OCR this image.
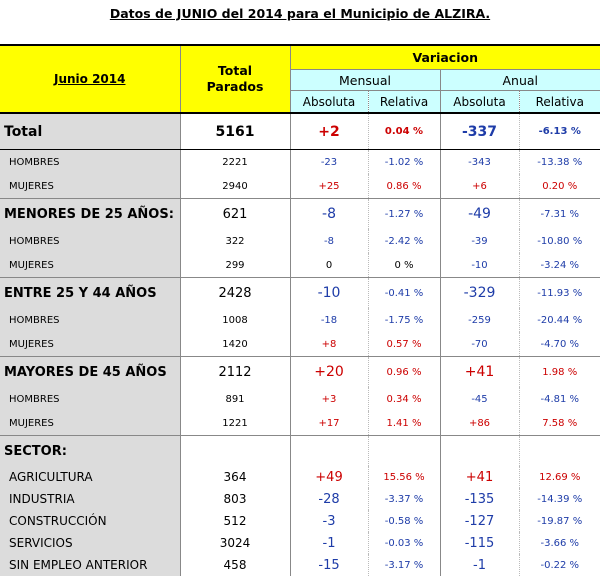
Datos de JUNIO del 2014 para el Municipio de ALZIRA.
Junio 2014	Total
Parados	Variacion			
		Mensual		Anual	
		Absoluta	Relativa	Absoluta	Relativa
Total	5161	+2	0.04 %	-337	-6.13 %
HOMBRES	2221	-23	-1.02 %	-343	-13.38 %
MUJERES	2940	+25	0.86 %	+6	0.20 %
MENORES DE 25 AÑOS:	621	-8	-1.27 %	-49	-7.31 %
HOMBRES	322	-8	-2.42 %	-39	-10.80 %
MUJERES	299	0	0 %	-10	-3.24 %
ENTRE 25 Y 44 AÑOS	2428	-10	-0.41 %	-329	-11.93 %
HOMBRES	1008	-18	-1.75 %	-259	-20.44 %
MUJERES	1420	+8	0.57 %	-70	-4.70 %
MAYORES DE 45 AÑOS	2112	+20	0.96 %	+41	1.98 %
HOMBRES	891	+3	0.34 %	-45	-4.81 %
MUJERES	1221	+17	1.41 %	+86	7.58 %
SECTOR:					
AGRICULTURA	364	+49	15.56 %	+41	12.69 %
INDUSTRIA	803	-28	-3.37 %	-135	-14.39 %
CONSTRUCCIÓN	512	-3	-0.58 %	-127	-19.87 %
SERVICIOS	3024	-1	-0.03 %	-115	-3.66 %
SIN EMPLEO ANTERIOR	458	-15	-3.17 %	-1	-0.22 %
